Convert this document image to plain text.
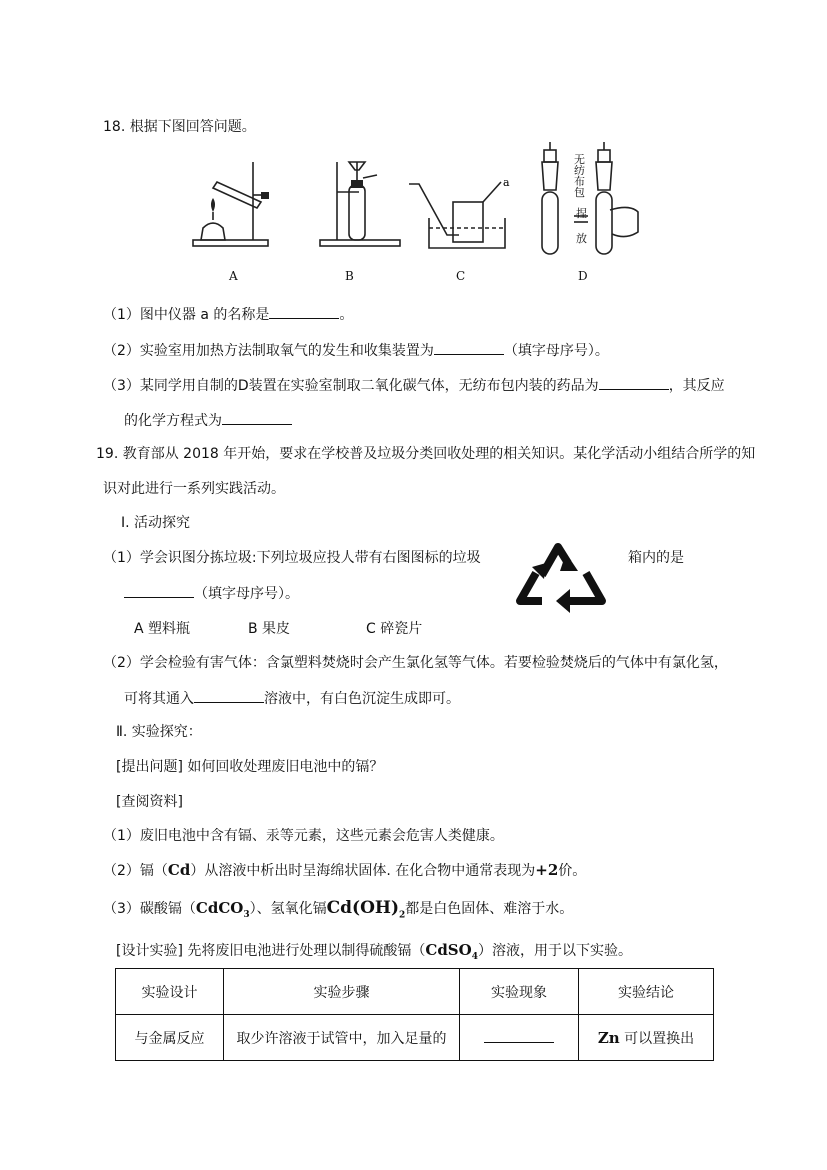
18. 根据下图回答问题。
a
无 纺 布 包
捏
放
A	B	C	D
（1）图中仪器 a 的名称是	。
（2）实验室用加热方法制取氧气的发生和收集装置为	（填字母序号）。
（3）某同学用自制的D装置在实验室制取二氧化碳气体，无纺布包内装的药品为	，其反应
的化学方程式为
19. 教育部从 2018 年开始，要求在学校普及垃圾分类回收处理的相关知识。某化学活动小组结合所学的知
识对此进行一系列实践活动。
I. 活动探究
（1）学会识图分拣垃圾:下列垃圾应投人带有右图图标的垃圾	箱内的是
（填字母序号）。
A 塑料瓶	B 果皮	C 碎瓷片
（2）学会检验有害气体：含氯塑料焚烧时会产生氯化氢等气体。若要检验焚烧后的气体中有氯化氢，
可将其通入	溶液中，有白色沉淀生成即可。
Ⅱ. 实验探究：
[提出问题] 如何回收处理废旧电池中的镉？
[查阅资料]
（1）废旧电池中含有镉、汞等元素，这些元素会危害人类健康。
（2）镉（Cd）从溶液中析出时呈海绵状固体. 在化合物中通常表现为+2价。
（3）碳酸镉（CdCO$_3$）、氢氧化镉$Cd(OH)_2$都是白色固体、难溶于水。
[设计实验] 先将废旧电池进行处理以制得硫酸镉（CdSO$_4$）溶液，用于以下实验。
实验设计	实验步骤	实验现象	实验结论
与金属反应	取少许溶液于试管中，加入足量的		Zn 可以置换出
